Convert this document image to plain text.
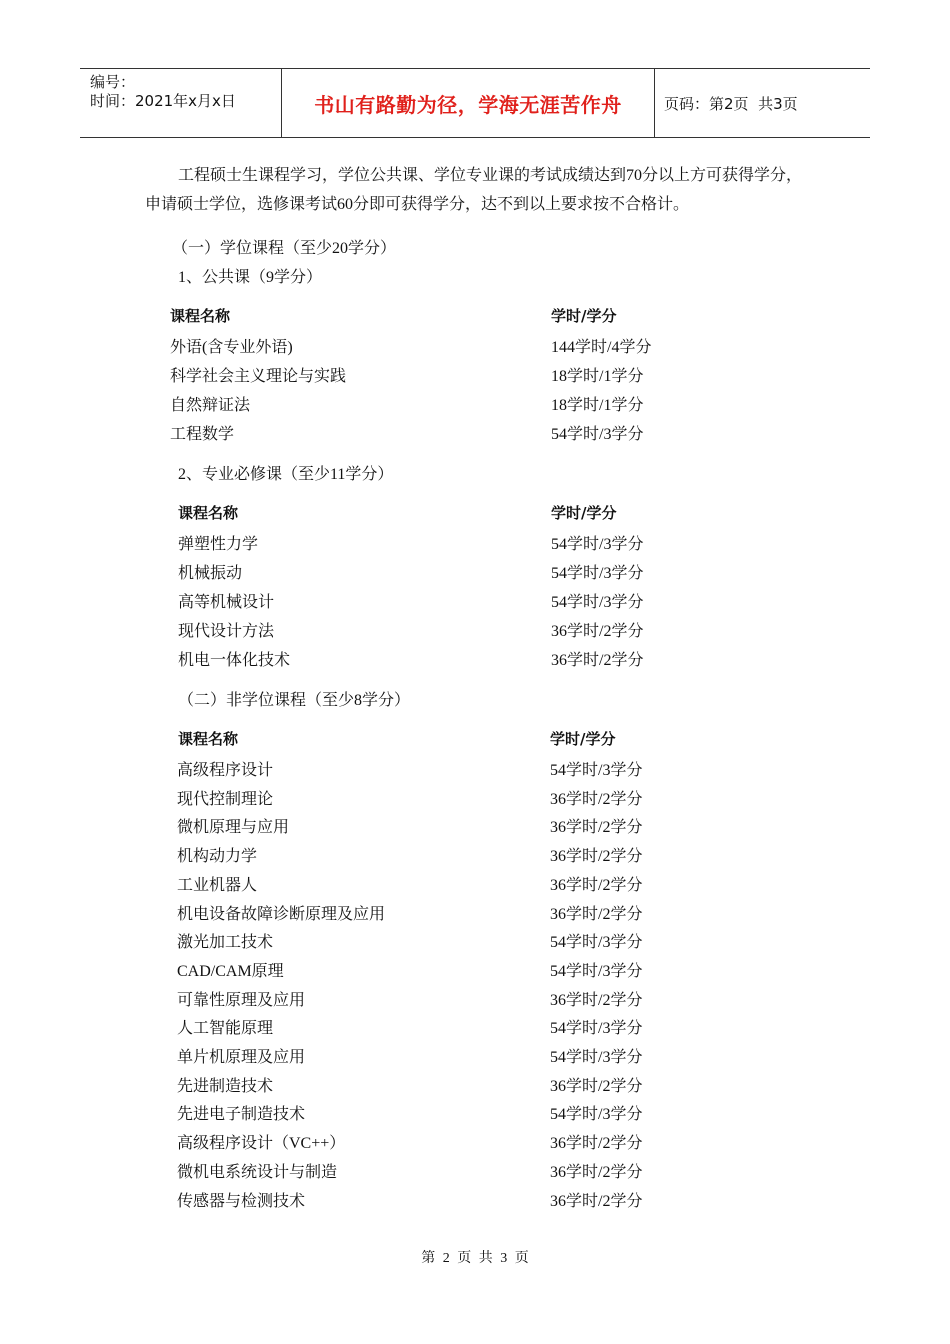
编号：
时间：2021年x月x日	书山有路勤为径，学海无涯苦作舟	页码：第2页  共3页

工程硕士生课程学习，学位公共课、学位专业课的考试成绩达到70分以上方可获得学分，申请硕士学位，选修课考试60分即可获得学分，达不到以上要求按不合格计。

（一）学位课程（至少20学分）
1、公共课（9学分）
课程名称	学时/学分
外语(含专业外语)	144学时/4学分
科学社会主义理论与实践	18学时/1学分
自然辩证法	18学时/1学分
工程数学	54学时/3学分
2、专业必修课（至少11学分）
课程名称	学时/学分
弹塑性力学	54学时/3学分
机械振动	54学时/3学分
高等机械设计	54学时/3学分
现代设计方法	36学时/2学分
机电一体化技术	36学时/2学分
（二）非学位课程（至少8学分）
课程名称	学时/学分
高级程序设计	54学时/3学分
现代控制理论	36学时/2学分
微机原理与应用	36学时/2学分
机构动力学	36学时/2学分
工业机器人	36学时/2学分
机电设备故障诊断原理及应用	36学时/2学分
激光加工技术	54学时/3学分
CAD/CAM原理	54学时/3学分
可靠性原理及应用	36学时/2学分
人工智能原理	54学时/3学分
单片机原理及应用	54学时/3学分
先进制造技术	36学时/2学分
先进电子制造技术	54学时/3学分
高级程序设计（VC++）	36学时/2学分
微机电系统设计与制造	36学时/2学分
传感器与检测技术	36学时/2学分
第 2 页 共 3 页
